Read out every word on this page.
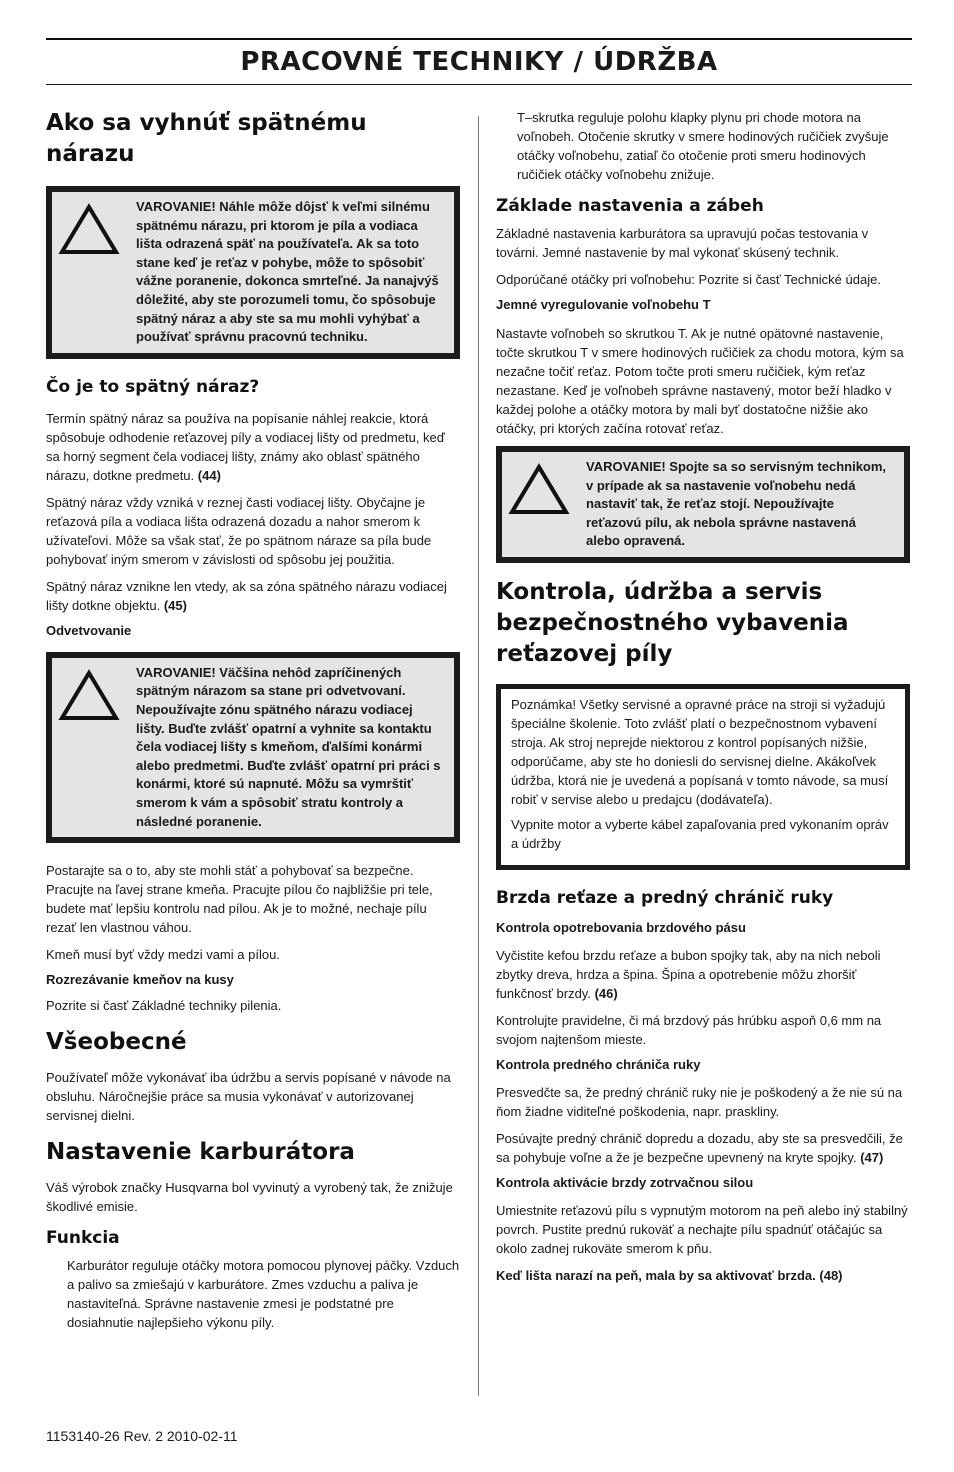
PRACOVNÉ TECHNIKY / ÚDRŽBA
Ako sa vyhnúť spätnému nárazu
VAROVANIE! Náhle môže dôjsť k veľmi silnému spätnému nárazu, pri ktorom je píla a vodiaca lišta odrazená späť na používateľa. Ak sa toto stane keď je reťaz v pohybe, môže to spôsobiť vážne poranenie, dokonca smrteľné. Ja nanajvýš dôležité, aby ste porozumeli tomu, čo spôsobuje spätný náraz a aby ste sa mu mohli vyhýbať a používať správnu pracovnú techniku.
Čo je to spätný náraz?

Termín spätný náraz sa používa na popísanie náhlej reakcie, ktorá spôsobuje odhodenie reťazovej píly a vodiacej lišty od predmetu, keď sa horný segment čela vodiacej lišty, známy ako oblasť spätného nárazu, dotkne predmetu. (44)

Spätný náraz vždy vzniká v reznej časti vodiacej lišty. Obyčajne je reťazová píla a vodiaca lišta odrazená dozadu a nahor smerom k užívateľovi. Môže sa však stať, že po spätnom náraze sa píla bude pohybovať iným smerom v závislosti od spôsobu jej použitia.

Spätný náraz vznikne len vtedy, ak sa zóna spätného nárazu vodiacej lišty dotkne objektu. (45)

Odvetvovanie
VAROVANIE! Väčšina nehôd zapríčinených spätným nárazom sa stane pri odvetvovaní. Nepoužívajte zónu spätného nárazu vodiacej lišty. Buďte zvlášť opatrní a vyhnite sa kontaktu čela vodiacej lišty s kmeňom, ďalšími konármi alebo predmetmi. Buďte zvlášť opatrní pri práci s konármi, ktoré sú napnuté. Môžu sa vymrštiť smerom k vám a spôsobiť stratu kontroly a následné poranenie.

Postarajte sa o to, aby ste mohli stáť a pohybovať sa bezpečne. Pracujte na ľavej strane kmeňa. Pracujte pílou čo najbližšie pri tele, budete mať lepšiu kontrolu nad pílou. Ak je to možné, nechaje pílu rezať len vlastnou váhou.

Kmeň musí byť vždy medzi vami a pílou.

Rozrezávanie kmeňov na kusy

Pozrite si časť Základné techniky pilenia.

Všeobecné

Používateľ môže vykonávať iba údržbu a servis popísané v návode na obsluhu. Náročnejšie práce sa musia vykonávať v autorizovanej servisnej dielni.

Nastavenie karburátora

Váš výrobok značky Husqvarna bol vyvinutý a vyrobený tak, že znižuje škodlivé emisie.

Funkcia

Karburátor reguluje otáčky motora pomocou plynovej páčky. Vzduch a palivo sa zmiešajú v karburátore. Zmes vzduchu a paliva je nastaviteľná. Správne nastavenie zmesi je podstatné pre dosiahnutie najlepšieho výkonu píly.

T–skrutka reguluje polohu klapky plynu pri chode motora na voľnobeh. Otočenie skrutky v smere hodinových ručičiek zvyšuje otáčky voľnobehu, zatiaľ čo otočenie proti smeru hodinových ručičiek otáčky voľnobehu znižuje.

Základe nastavenia a zábeh

Základné nastavenia karburátora sa upravujú počas testovania v továrni. Jemné nastavenie by mal vykonať skúsený technik.

Odporúčané otáčky pri voľnobehu: Pozrite si časť Technické údaje.

Jemné vyregulovanie voľnobehu T

Nastavte voľnobeh so skrutkou T. Ak je nutné opätovné nastavenie, točte skrutkou T v smere hodinových ručičiek za chodu motora, kým sa nezačne točiť reťaz. Potom točte proti smeru ručičiek, kým reťaz nezastane. Keď je voľnobeh správne nastavený, motor beží hladko v každej polohe a otáčky motora by mali byť dostatočne nižšie ako otáčky, pri ktorých začína rotovať reťaz.

VAROVANIE! Spojte sa so servisným technikom, v prípade ak sa nastavenie voľnobehu nedá nastaviť tak, že reťaz stojí. Nepoužívajte reťazovú pílu, ak nebola správne nastavená alebo opravená.
Kontrola, údržba a servis bezpečnostného vybavenia reťazovej píly

Poznámka! Všetky servisné a opravné práce na stroji si vyžadujú špeciálne školenie. Toto zvlášť platí o bezpečnostnom vybavení stroja. Ak stroj neprejde niektorou z kontrol popísaných nižšie, odporúčame, aby ste ho doniesli do servisnej dielne. Akákoľvek údržba, ktorá nie je uvedená a popísaná v tomto návode, sa musí robiť v servise alebo u predajcu (dodávateľa).

Vypnite motor a vyberte kábel zapaľovania pred vykonaním opráv a údržby

Brzda reťaze a predný chránič ruky
Kontrola opotrebovania brzdového pásu

Vyčistite kefou brzdu reťaze a bubon spojky tak, aby na nich neboli zbytky dreva, hrdza a špina. Špina a opotrebenie môžu zhoršiť funkčnosť brzdy. (46)

Kontrolujte pravidelne, či má brzdový pás hrúbku aspoň 0,6 mm na svojom najtenšom mieste.

Kontrola predného chrániča ruky

Presvedčte sa, že predný chránič ruky nie je poškodený a že nie sú na ňom žiadne viditeľné poškodenia, napr. praskliny.

Posúvajte predný chránič dopredu a dozadu, aby ste sa presvedčili, že sa pohybuje voľne a že je bezpečne upevnený na kryte spojky. (47)

Kontrola aktivácie brzdy zotrvačnou silou

Umiestnite reťazovú pílu s vypnutým motorom na peň alebo iný stabilný povrch. Pustite prednú rukoväť a nechajte pílu spadnúť otáčajúc sa okolo zadnej rukoväte smerom k pňu.

Keď lišta narazí na peň, mala by sa aktivovať brzda. (48)

1153140-26 Rev. 2 2010-02-11
